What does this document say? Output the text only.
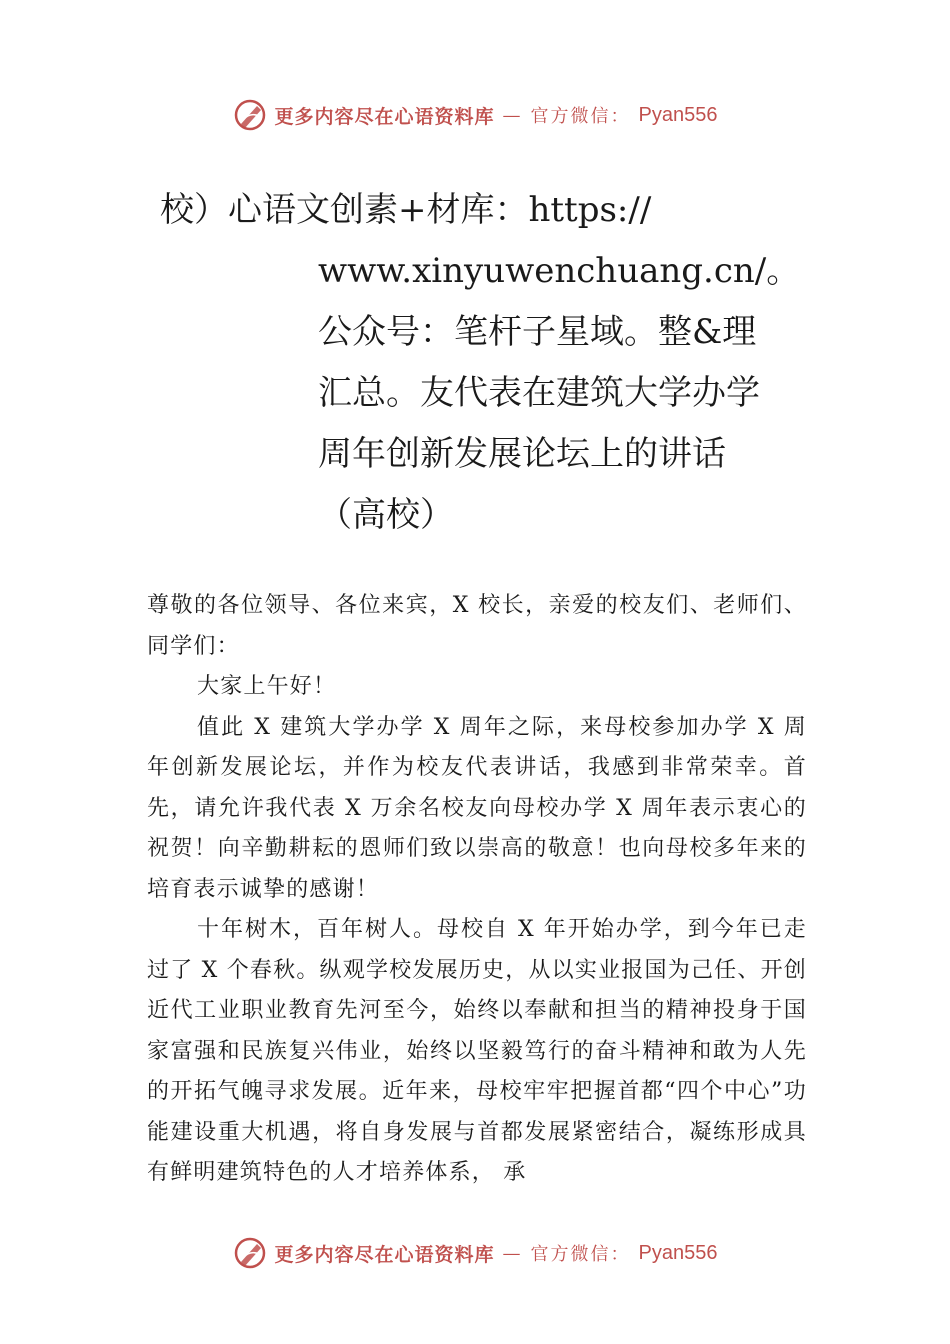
更多内容尽在心语资料库 — 官方微信： Pyan556
校）心语文创素+材库：https://
www.xinyuwenchuang.cn/。公众号：笔杆子星域。整&理汇总。友代表在建筑大学办学周年创新发展论坛上的讲话（高校）

尊敬的各位领导、各位来宾，X 校长，亲爱的校友们、老师们、同学们：

大家上午好！

值此 X 建筑大学办学 X 周年之际，来母校参加办学 X 周年创新发展论坛，并作为校友代表讲话，我感到非常荣幸。首先，请允许我代表 X 万余名校友向母校办学 X 周年表示衷心的祝贺！向辛勤耕耘的恩师们致以崇高的敬意！也向母校多年来的培育表示诚挚的感谢！

十年树木，百年树人。母校自 X 年开始办学，到今年已走过了 X 个春秋。纵观学校发展历史，从以实业报国为己任、开创近代工业职业教育先河至今，始终以奉献和担当的精神投身于国家富强和民族复兴伟业，始终以坚毅笃行的奋斗精神和敢为人先的开拓气魄寻求发展。近年来，母校牢牢把握首都“四个中心”功能建设重大机遇，将自身发展与首都发展紧密结合，凝练形成具有鲜明建筑特色的人才培养体系， 承

更多内容尽在心语资料库 — 官方微信： Pyan556
